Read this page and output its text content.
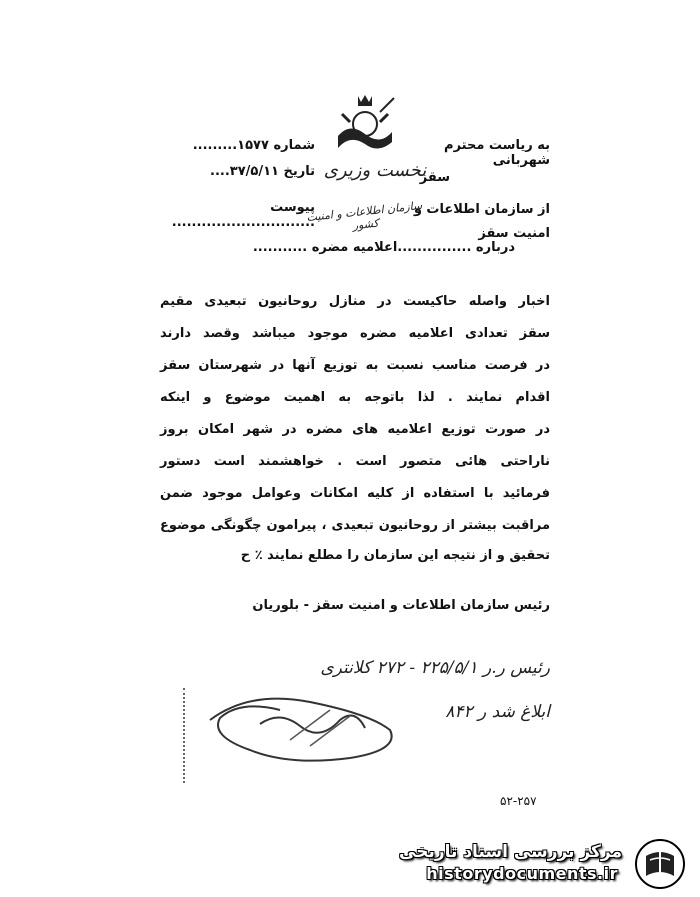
نخست وزیری
سازمان اطلاعات و امنیت کشور
به ریاست محترم شهربانی
سقز
از سازمان اطلاعات و
امنیت سقز
شماره ۱۵۷۷.........
تاریخ ۳۷/۵/۱۱....
پیوست .............................
درباره ...............اعلامیه مضره ...........
اخبار واصله حاکیست در منازل روحانیون تبعیدی مقیم
سقز تعدادی اعلامیه مضره موجود میباشد وقصد دارند
در فرصت مناسب نسبت به توزیع آنها در شهرستان سقز
اقدام نمایند . لذا باتوجه به اهمیت موضوع و اینکه
در صورت توزیع اعلامیه های مضره در شهر امکان بروز
ناراحتی هائی متصور است . خواهشمند است دستور
فرمائید با استفاده از کلیه امکانات وعوامل موجود ضمن
مراقبت بیشتر از روحانیون تبعیدی ، پیرامون چگونگی موضوع
تحقیق و از نتیجه این سازمان را مطلع نمایند ٪ ح
رئیس سازمان اطلاعات و امنیت سقز - بلوریان
رئیس ر.ر ۲۲۵/۵/۱ - ۲۷۲ کلانتری
ابلاغ شد ر ۸۴۲
۵۲-۲۵۷
مرکز بررسی اسناد تاریخی
historydocuments.ir
